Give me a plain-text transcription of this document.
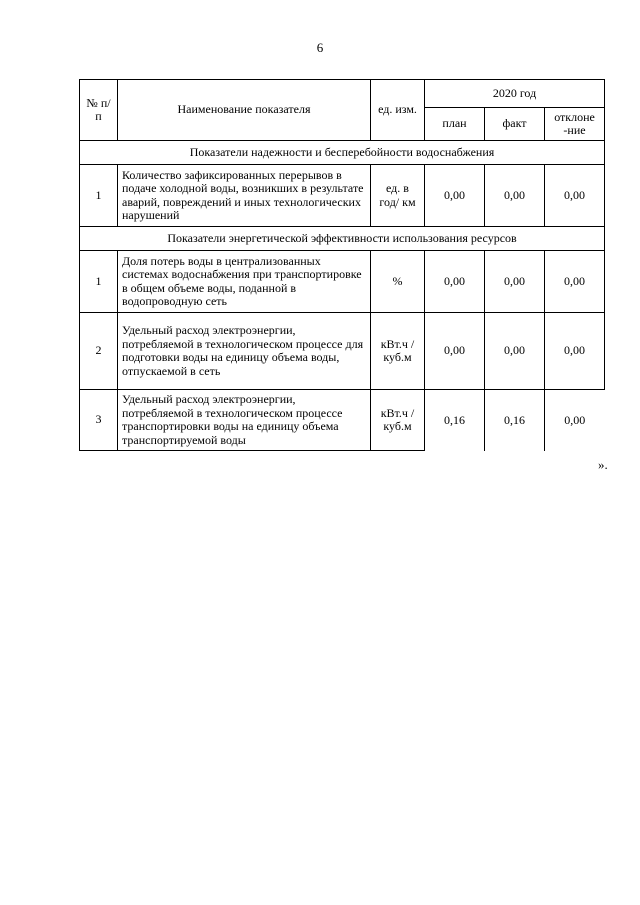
6
№ п/п	Наименование показателя	ед. изм.	2020 год		
			план	факт	отклоне -ние
Показатели надежности и бесперебойности водоснабжения					
1	Количество зафиксированных перерывов в подаче холодной воды, возникших в результате аварий, повреждений и иных технологических нарушений	ед. в год/ км	0,00	0,00	0,00
Показатели энергетической эффективности использования ресурсов					
1	Доля потерь воды в централизованных системах водоснабжения при транспортировке в общем объеме воды, поданной в водопроводную сеть	%	0,00	0,00	0,00
2	Удельный расход электроэнергии, потребляемой в технологическом процессе для подготовки воды на единицу объема воды, отпускаемой в сеть	кВт.ч / куб.м	0,00	0,00	0,00
3	Удельный расход электроэнергии, потребляемой в технологическом процессе транспортировки воды на единицу объема транспортируемой воды	кВт.ч / куб.м	0,16	0,16	0,00
».
